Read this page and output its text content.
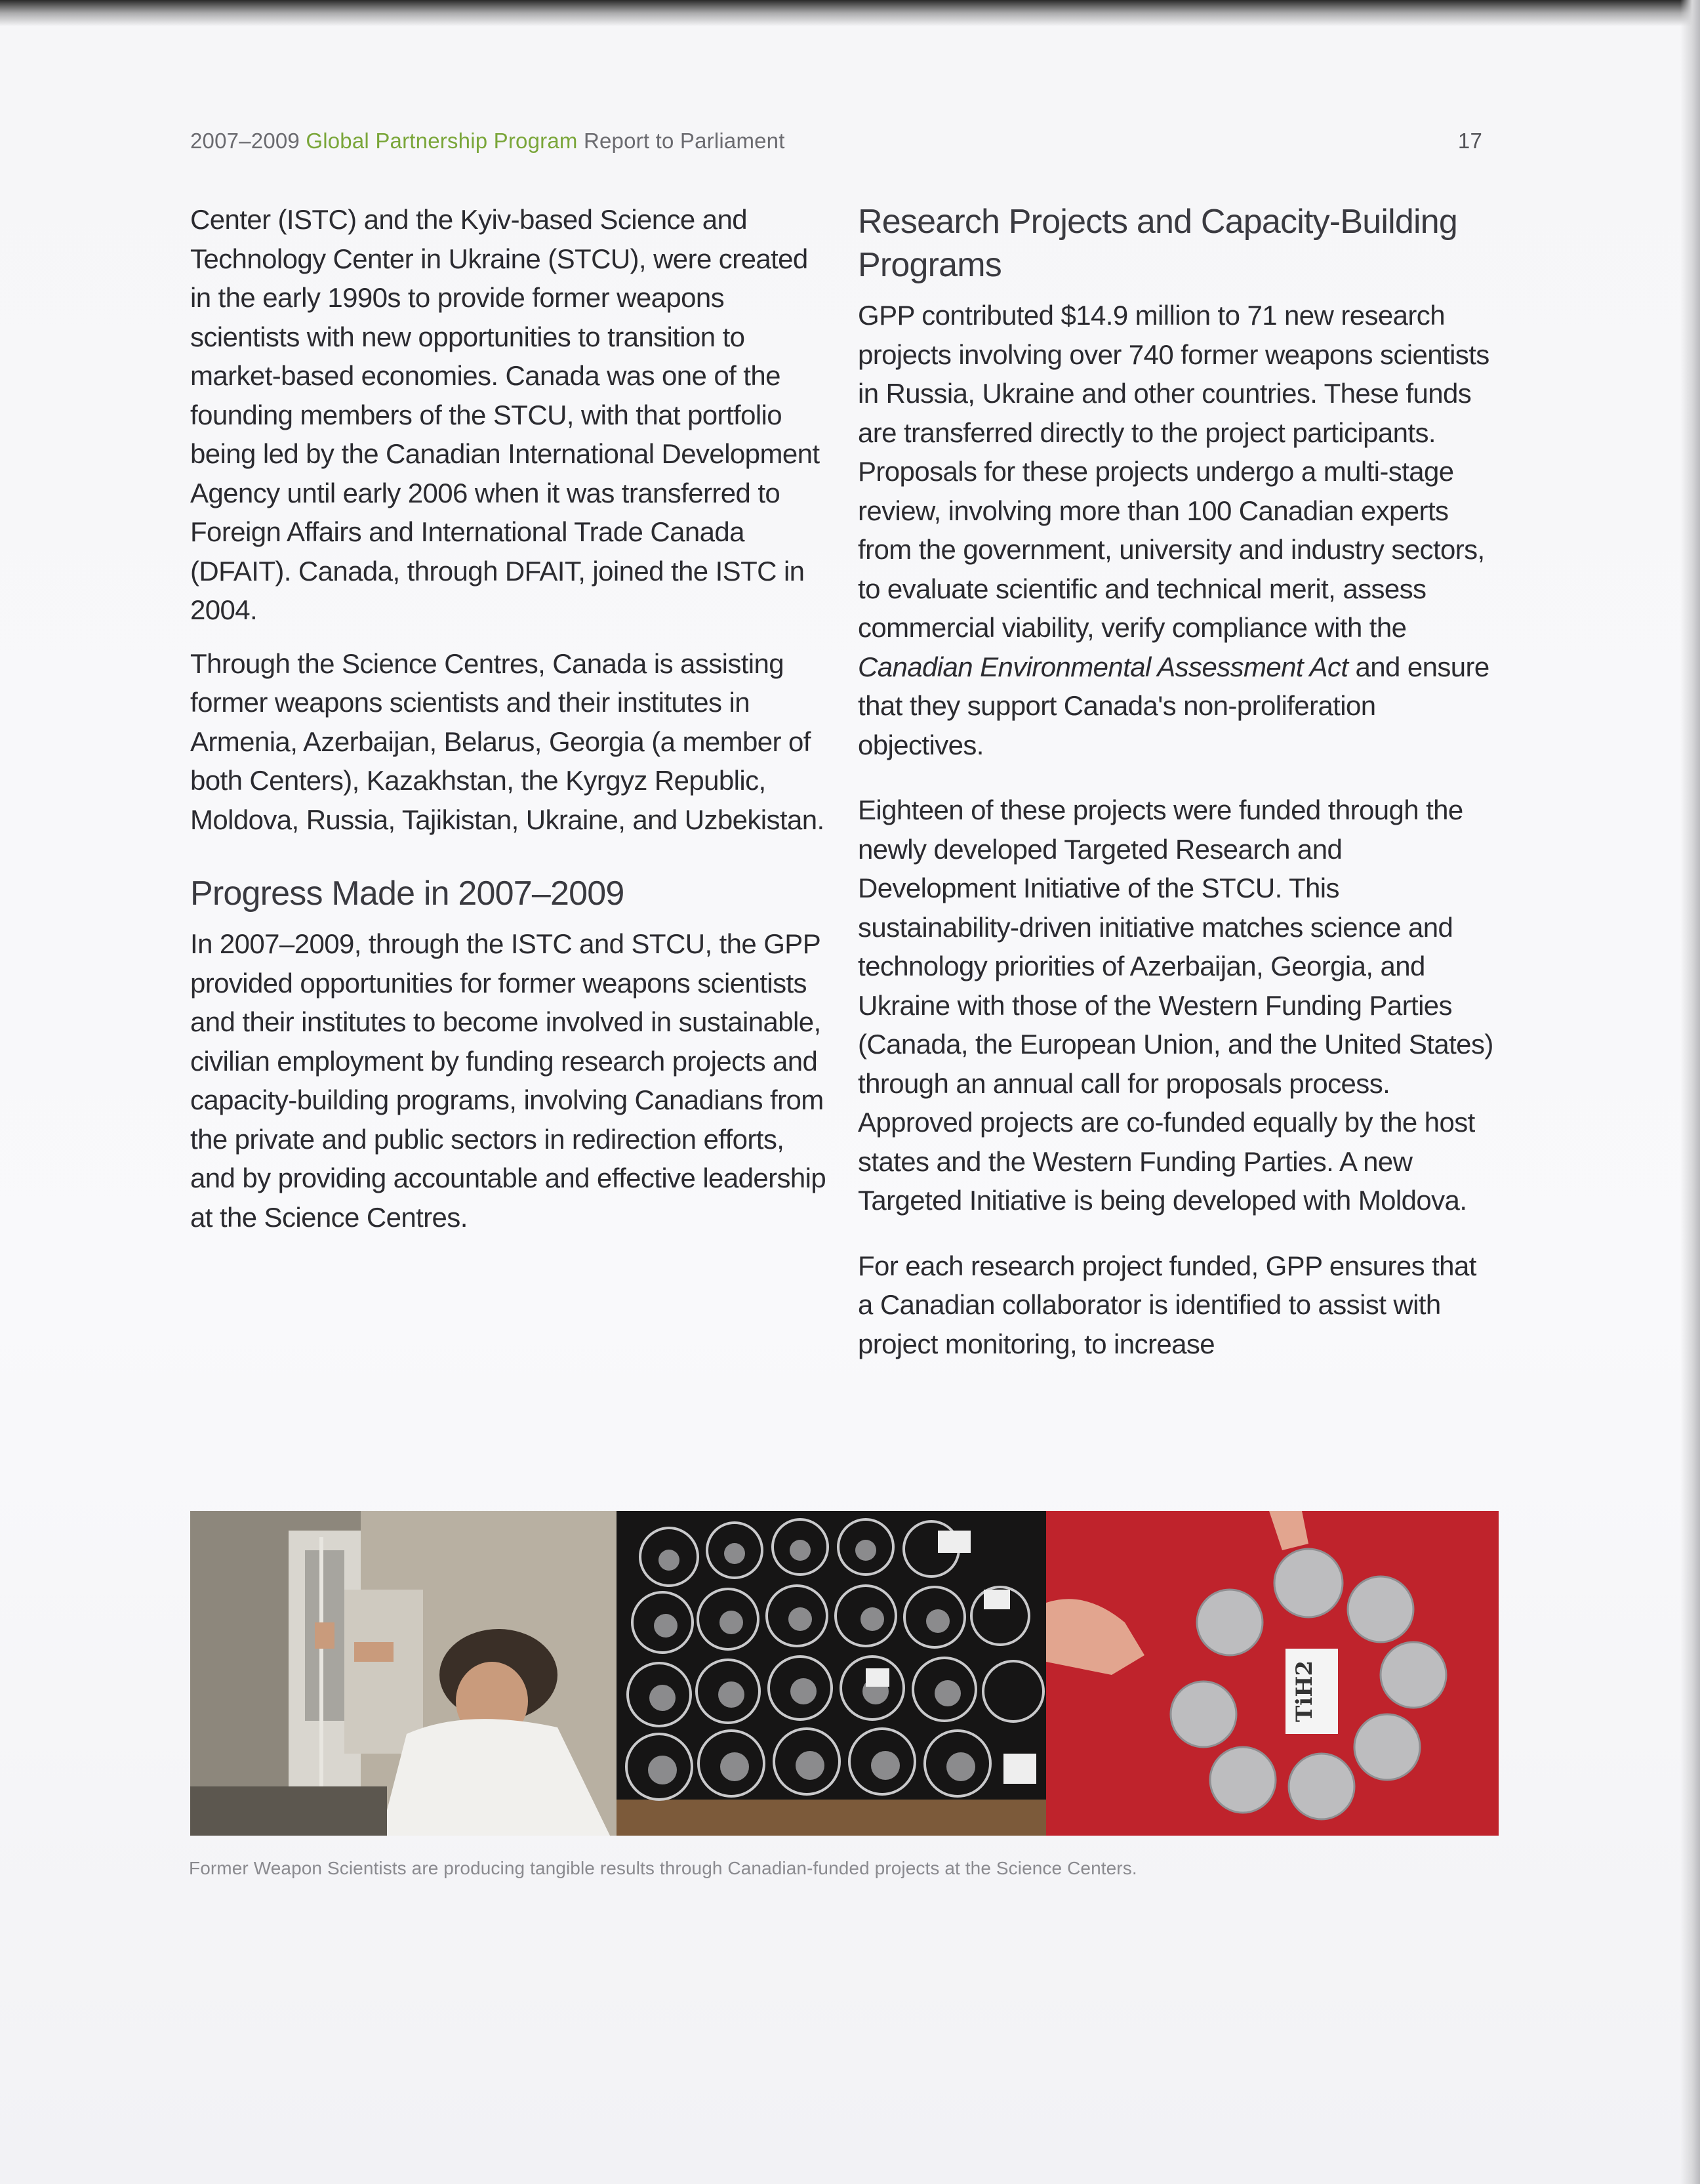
2007–2009 Global Partnership Program Report to Parliament	17

Center (ISTC) and the Kyiv-based Science and Technology Center in Ukraine (STCU), were created in the early 1990s to provide former weapons scientists with new opportunities to transition to market-based economies. Canada was one of the founding members of the STCU, with that portfolio being led by the Canadian International Development Agency until early 2006 when it was transferred to Foreign Affairs and International Trade Canada (DFAIT). Canada, through DFAIT, joined the ISTC in 2004.

Through the Science Centres, Canada is assisting former weapons scientists and their institutes in Armenia, Azerbaijan, Belarus, Georgia (a member of both Centers), Kazakhstan, the Kyrgyz Republic, Moldova, Russia, Tajikistan, Ukraine, and Uzbekistan.

Progress Made in 2007–2009

In 2007–2009, through the ISTC and STCU, the GPP provided opportunities for former weapons scientists and their institutes to become involved in sustainable, civilian employment by funding research projects and capacity-building programs, involving Canadians from the private and public sectors in redirection efforts, and by providing accountable and effective leadership at the Science Centres.

Research Projects and Capacity-Building Programs

GPP contributed $14.9 million to 71 new research projects involving over 740 former weapons scientists in Russia, Ukraine and other countries. These funds are transferred directly to the project participants. Proposals for these projects undergo a multi-stage review, involving more than 100 Canadian experts from the government, university and industry sectors, to evaluate scientific and technical merit, assess commercial viability, verify compliance with the Canadian Environmental Assessment Act and ensure that they support Canada's non-proliferation objectives.

Eighteen of these projects were funded through the newly developed Targeted Research and Development Initiative of the STCU. This sustainability-driven initiative matches science and technology priorities of Azerbaijan, Georgia, and Ukraine with those of the Western Funding Parties (Canada, the European Union, and the United States) through an annual call for proposals process. Approved projects are co-funded equally by the host states and the Western Funding Parties. A new Targeted Initiative is being developed with Moldova.

For each research project funded, GPP ensures that a Canadian collaborator is identified to assist with project monitoring, to increase

TiH2
Former Weapon Scientists are producing tangible results through Canadian-funded projects at the Science Centers.
